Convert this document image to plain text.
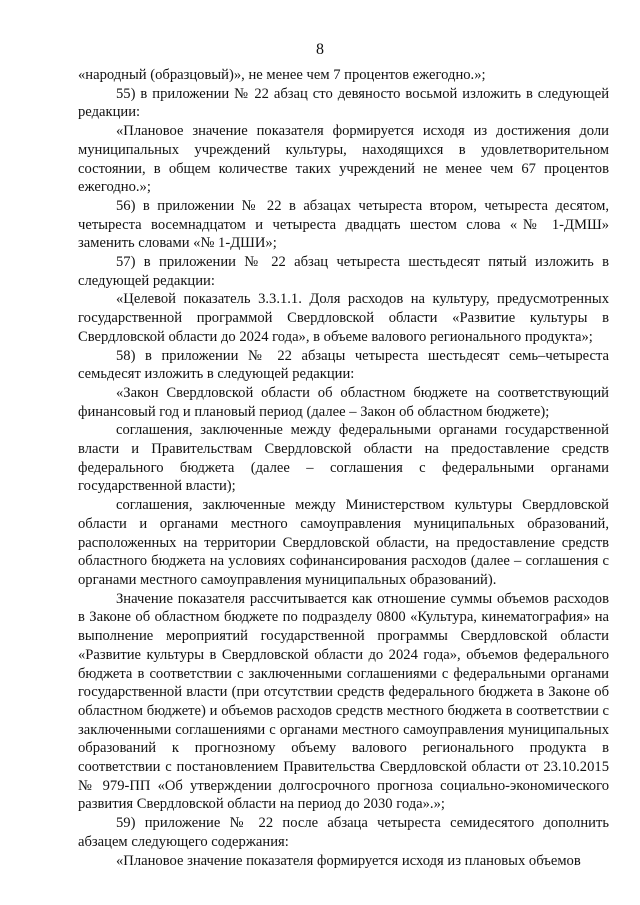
8

«народный (образцовый)», не менее чем 7 процентов ежегодно.»;

55) в приложении № 22 абзац сто девяносто восьмой изложить в следующей редакции:

«Плановое значение показателя формируется исходя из достижения доли муниципальных учреждений культуры, находящихся в удовлетворительном состоянии, в общем количестве таких учреждений не менее чем 67 процентов ежегодно.»;

56) в приложении № 22 в абзацах четыреста втором, четыреста десятом, четыреста восемнадцатом и четыреста двадцать шестом слова «№ 1-ДМШ» заменить словами «№ 1-ДШИ»;

57) в приложении № 22 абзац четыреста шестьдесят пятый изложить в следующей редакции:

«Целевой показатель 3.3.1.1. Доля расходов на культуру, предусмотренных государственной программой Свердловской области «Развитие культуры в Свердловской области до 2024 года», в объеме валового регионального продукта»;

58) в приложении № 22 абзацы четыреста шестьдесят семь–четыреста семьдесят изложить в следующей редакции:

«Закон Свердловской области об областном бюджете на соответствующий финансовый год и плановый период (далее – Закон об областном бюджете);

соглашения, заключенные между федеральными органами государственной власти и Правительствам Свердловской области на предоставление средств федерального бюджета (далее – соглашения с федеральными органами государственной власти);

соглашения, заключенные между Министерством культуры Свердловской области и органами местного самоуправления муниципальных образований, расположенных на территории Свердловской области, на предоставление средств областного бюджета на условиях софинансирования расходов (далее – соглашения с органами местного самоуправления муниципальных образований).

Значение показателя рассчитывается как отношение суммы объемов расходов в Законе об областном бюджете по подразделу 0800 «Культура, кинематография» на выполнение мероприятий государственной программы Свердловской области «Развитие культуры в Свердловской области до 2024 года», объемов федерального бюджета в соответствии с заключенными соглашениями с федеральными органами государственной власти (при отсутствии средств федерального бюджета в Законе об областном бюджете) и объемов расходов средств местного бюджета в соответствии с заключенными соглашениями с органами местного самоуправления муниципальных образований к прогнозному объему валового регионального продукта в соответствии с постановлением Правительства Свердловской области от 23.10.2015 № 979-ПП «Об утверждении долгосрочного прогноза социально-экономического развития Свердловской области на период до 2030 года».»;

59) приложение № 22 после абзаца четыреста семидесятого дополнить абзацем следующего содержания:

«Плановое значение показателя формируется исходя из плановых объемов
